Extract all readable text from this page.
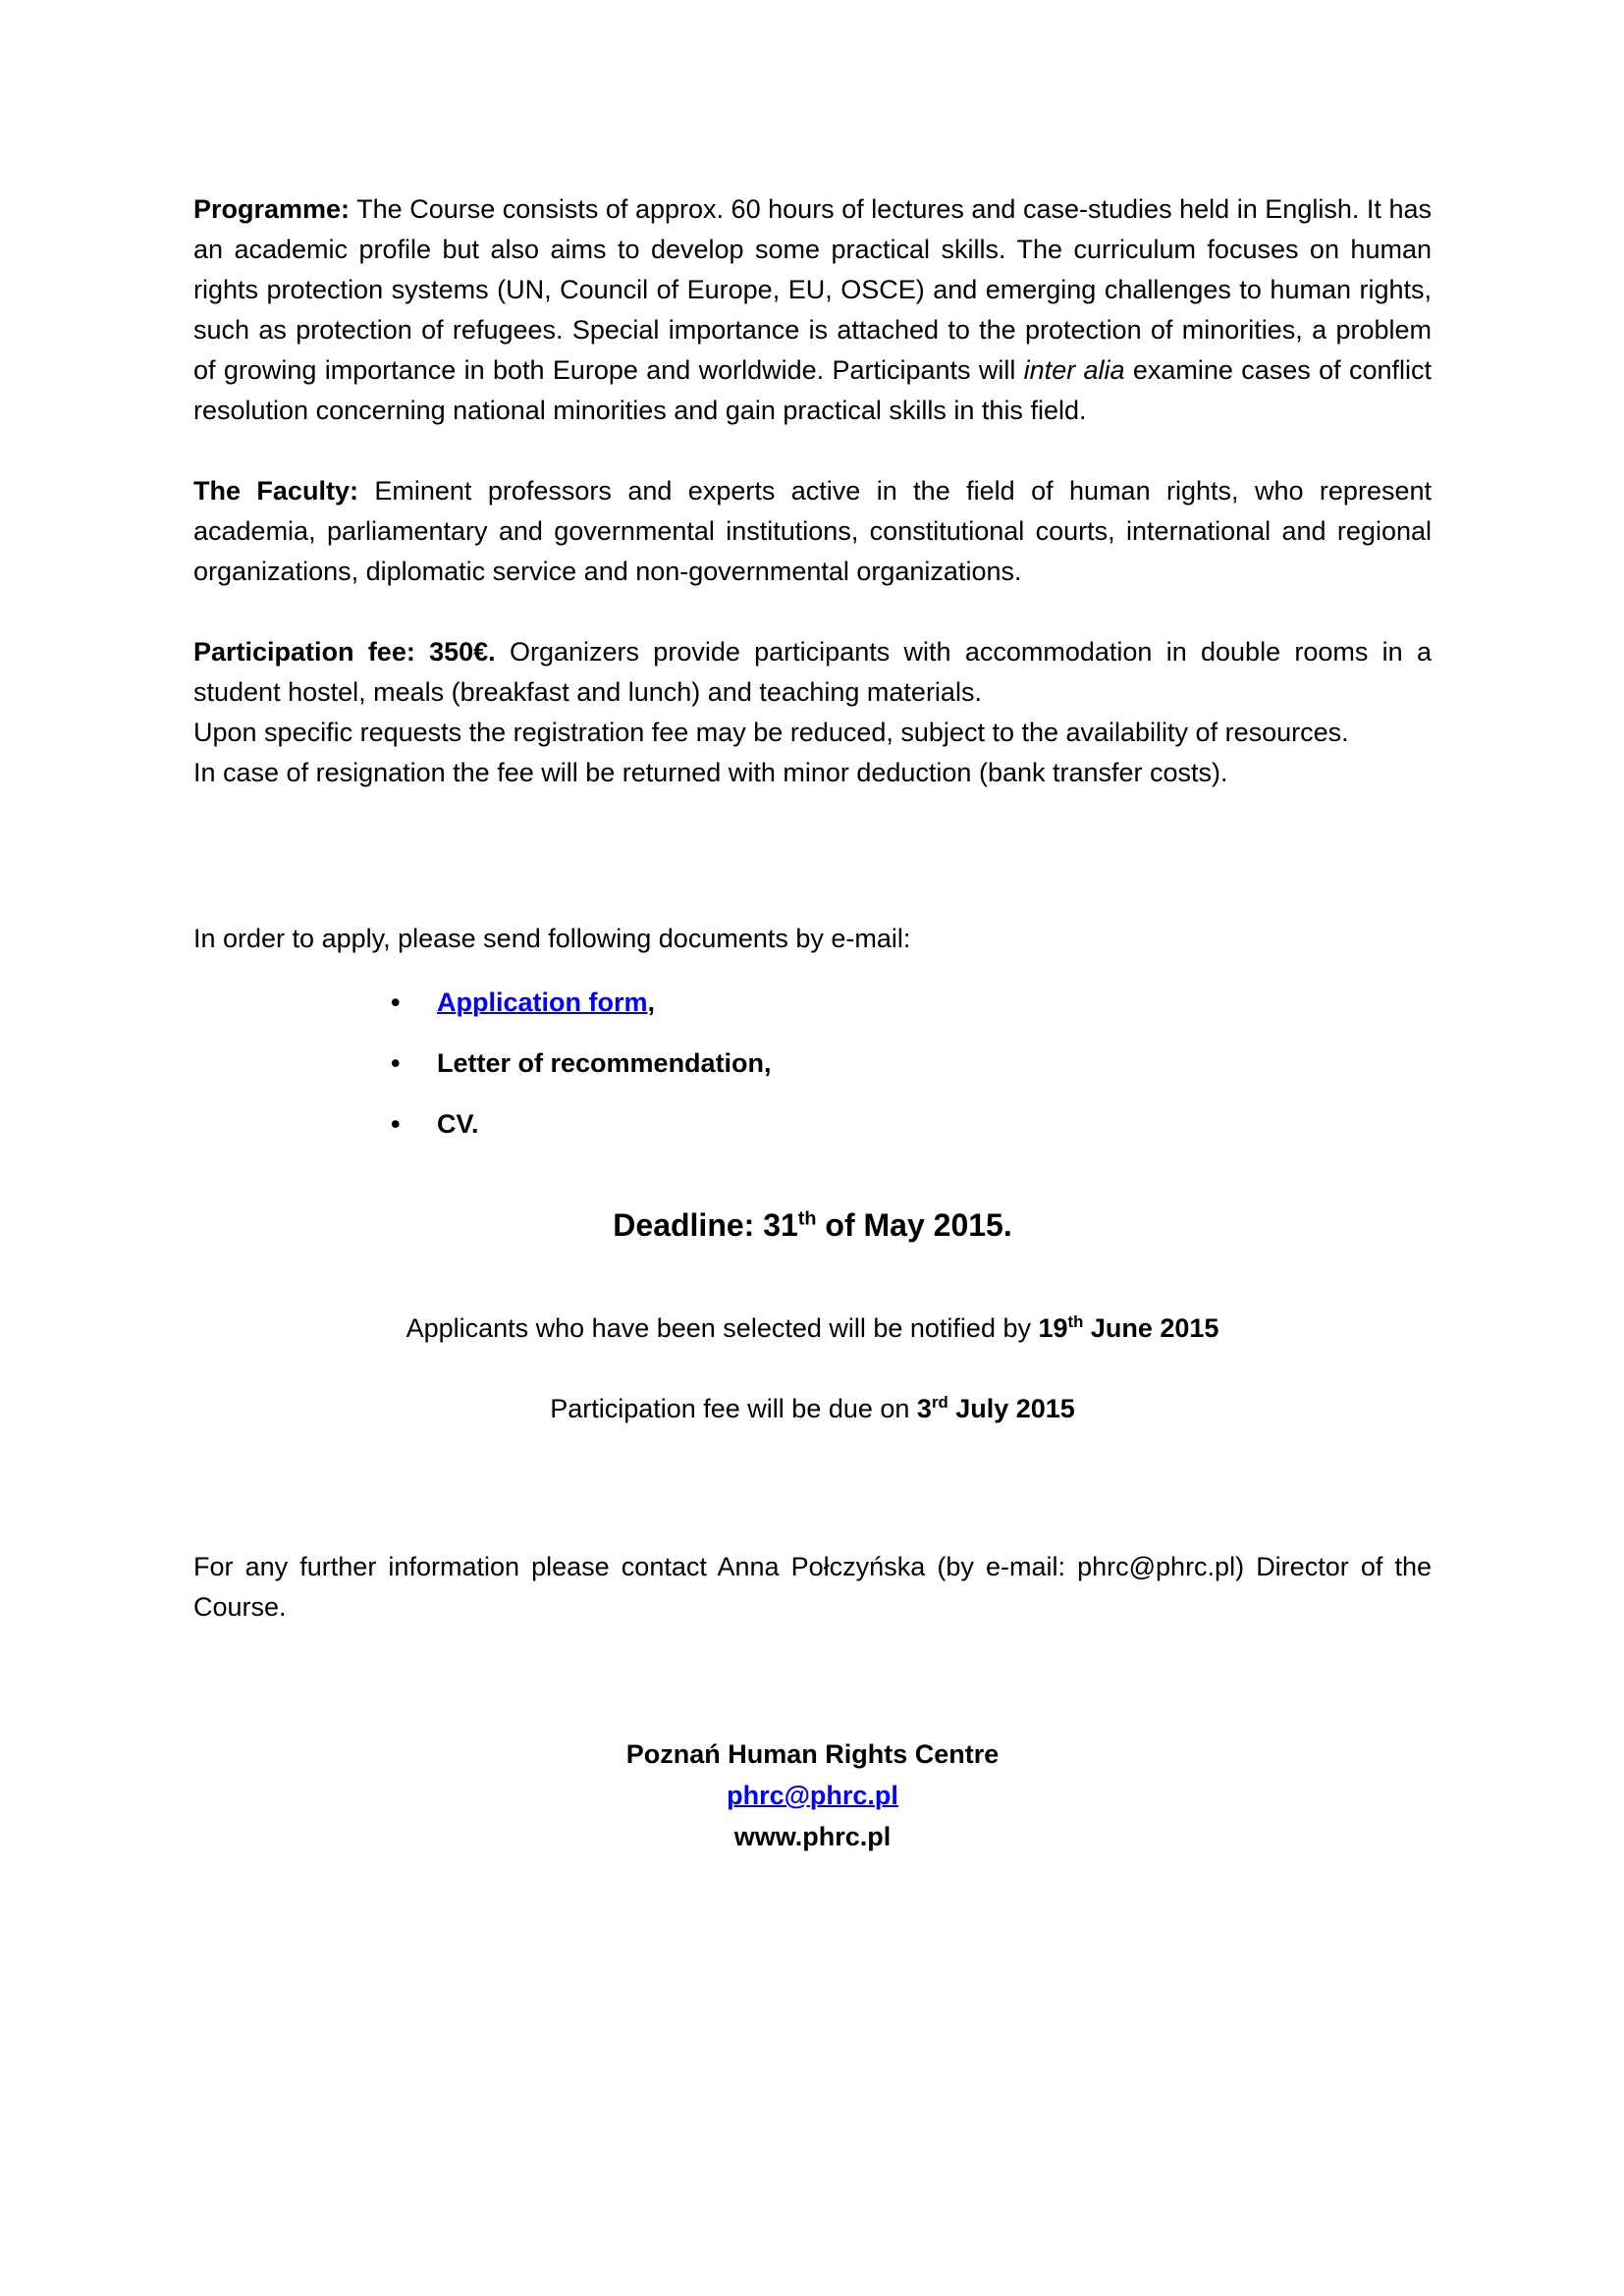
Programme: The Course consists of approx. 60 hours of lectures and case-studies held in English. It has an academic profile but also aims to develop some practical skills. The curriculum focuses on human rights protection systems (UN, Council of Europe, EU, OSCE) and emerging challenges to human rights, such as protection of refugees. Special importance is attached to the protection of minorities, a problem of growing importance in both Europe and worldwide. Participants will inter alia examine cases of conflict resolution concerning national minorities and gain practical skills in this field.

The Faculty: Eminent professors and experts active in the field of human rights, who represent academia, parliamentary and governmental institutions, constitutional courts, international and regional organizations, diplomatic service and non-governmental organizations.

Participation fee: 350€. Organizers provide participants with accommodation in double rooms in a student hostel, meals (breakfast and lunch) and teaching materials.

Upon specific requests the registration fee may be reduced, subject to the availability of resources.

In case of resignation the fee will be returned with minor deduction (bank transfer costs).

In order to apply, please send following documents by e-mail:

• Application form,
• Letter of recommendation,
• CV.

Deadline: 31th of May 2015.

Applicants who have been selected will be notified by 19th June 2015

Participation fee will be due on 3rd July 2015

For any further information please contact Anna Połczyńska (by e-mail: phrc@phrc.pl) Director of the Course.

Poznań Human Rights Centre

phrc@phrc.pl

www.phrc.pl
